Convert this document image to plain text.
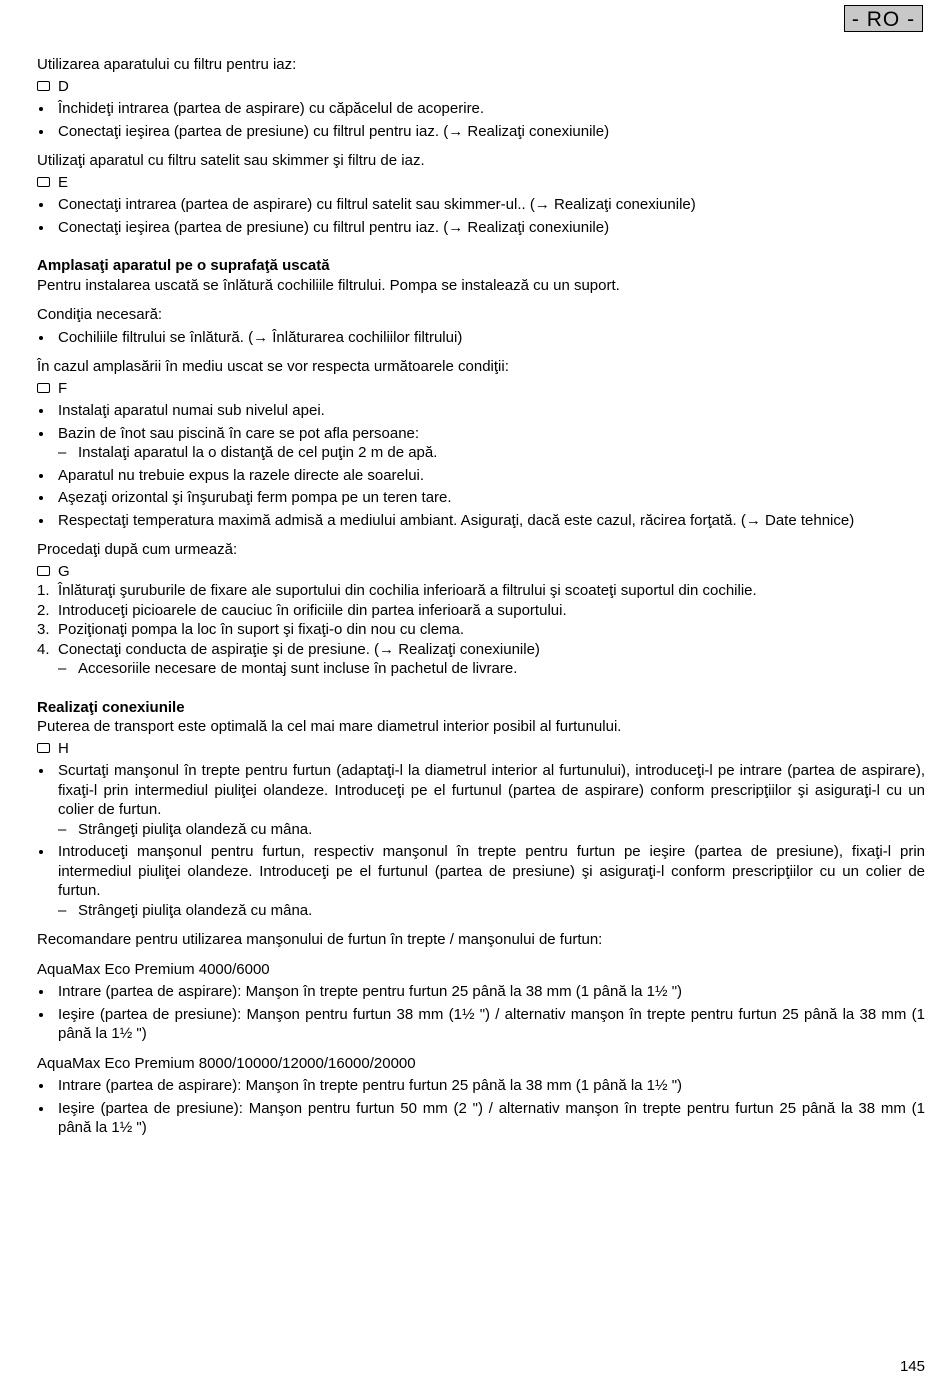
- RO -

Utilizarea aparatului cu filtru pentru iaz:

D
Închideţi intrarea (partea de aspirare) cu căpăcelul de acoperire.
Conectaţi ieşirea (partea de presiune) cu filtrul pentru iaz. (→ Realizaţi conexiunile)

Utilizaţi aparatul cu filtru satelit sau skimmer şi filtru de iaz.

E
Conectaţi intrarea (partea de aspirare) cu filtrul satelit sau skimmer-ul.. (→ Realizaţi conexiunile)
Conectaţi ieşirea (partea de presiune) cu filtrul pentru iaz. (→ Realizaţi conexiunile)

Amplasaţi aparatul pe o suprafaţă uscată

Pentru instalarea uscată se înlătură cochiliile filtrului. Pompa se instalează cu un suport.

Condiţia necesară:

Cochiliile filtrului se înlătură. (→ Înlăturarea cochiliilor filtrului)

În cazul amplasării în mediu uscat se vor respecta următoarele condiţii:

F
Instalaţi aparatul numai sub nivelul apei.
Bazin de înot sau piscină în care se pot afla persoane:
– Instalaţi aparatul la o distanţă de cel puţin 2 m de apă.
Aparatul nu trebuie expus la razele directe ale soarelui.
Aşezaţi orizontal şi înşurubaţi ferm pompa pe un teren tare.
Respectaţi temperatura maximă admisă a mediului ambiant. Asiguraţi, dacă este cazul, răcirea forţată. (→ Date tehnice)

Procedaţi după cum urmează:

G
1. Înlăturaţi şuruburile de fixare ale suportului din cochilia inferioară a filtrului şi scoateţi suportul din cochilie.
2. Introduceţi picioarele de cauciuc în orificiile din partea inferioară a suportului.
3. Poziţionaţi pompa la loc în suport şi fixaţi-o din nou cu clema.
4. Conectaţi conducta de aspiraţie şi de presiune. (→ Realizaţi conexiunile)
– Accesoriile necesare de montaj sunt incluse în pachetul de livrare.

Realizaţi conexiunile

Puterea de transport este optimală la cel mai mare diametrul interior posibil al furtunului.

H
Scurtaţi manşonul în trepte pentru furtun (adaptaţi-l la diametrul interior al furtunului), introduceţi-l pe intrare (partea de aspirare), fixaţi-l prin intermediul piuliţei olandeze. Introduceţi pe el furtunul (partea de aspirare) conform prescripţiilor şi asiguraţi-l cu un colier de furtun.
– Strângeţi piuliţa olandeză cu mâna.
Introduceţi manşonul pentru furtun, respectiv manşonul în trepte pentru furtun pe ieşire (partea de presiune), fixaţi-l prin intermediul piuliţei olandeze. Introduceţi pe el furtunul (partea de presiune) şi asiguraţi-l conform prescripţiilor cu un colier de furtun.
– Strângeţi piuliţa olandeză cu mâna.

Recomandare pentru utilizarea manşonului de furtun în trepte / manşonului de furtun:

AquaMax Eco Premium 4000/6000

Intrare (partea de aspirare): Manşon în trepte pentru furtun 25 până la 38 mm (1 până la 1½ ")
Ieşire (partea de presiune): Manşon pentru furtun 38 mm (1½ ") / alternativ manşon în trepte pentru furtun 25 până la 38 mm (1 până la 1½ ")

AquaMax Eco Premium 8000/10000/12000/16000/20000

Intrare (partea de aspirare): Manşon în trepte pentru furtun 25 până la 38 mm (1 până la 1½ ")
Ieşire (partea de presiune): Manşon pentru furtun 50 mm (2 ") / alternativ manşon în trepte pentru furtun 25 până la 38 mm (1 până la 1½ ")
145
